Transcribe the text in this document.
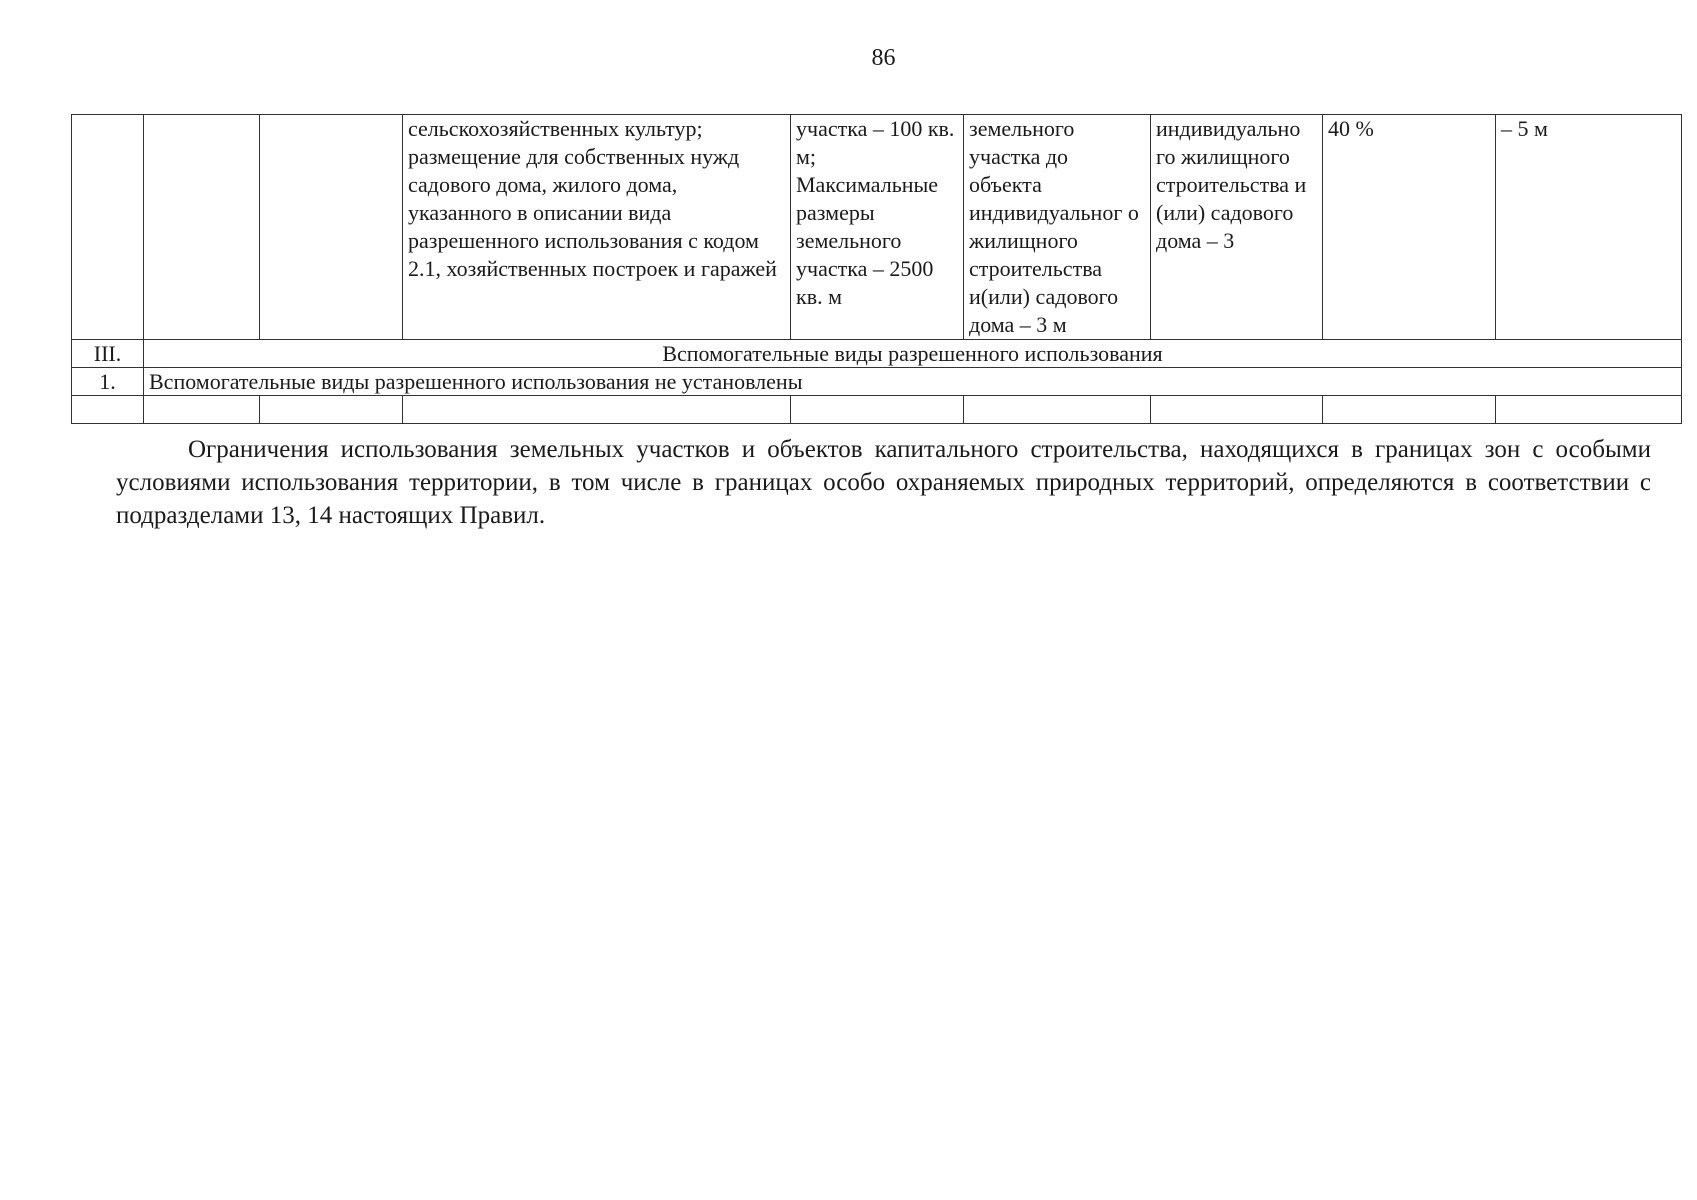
86
			сельскохозяйственных культур; размещение для собственных нужд садового дома, жилого дома, указанного в описании вида разрешенного использования с кодом 2.1, хозяйственных построек и гаражей	участка – 100 кв. м; Максимальные размеры земельного участка – 2500 кв. м	земельного участка до объекта индивидуальног о жилищного строительства и(или) садового дома – 3 м	индивидуально го жилищного строительства и (или) садового дома – 3	40 %	– 5 м
III.	Вспомогательные виды разрешенного использования							
1.	Вспомогательные виды разрешенного использования не установлены							

Ограничения использования земельных участков и объектов капитального строительства, находящихся в границах зон с особыми условиями использования территории, в том числе в границах особо охраняемых природных территорий, определяются в соответствии с подразделами 13, 14 настоящих Правил.
